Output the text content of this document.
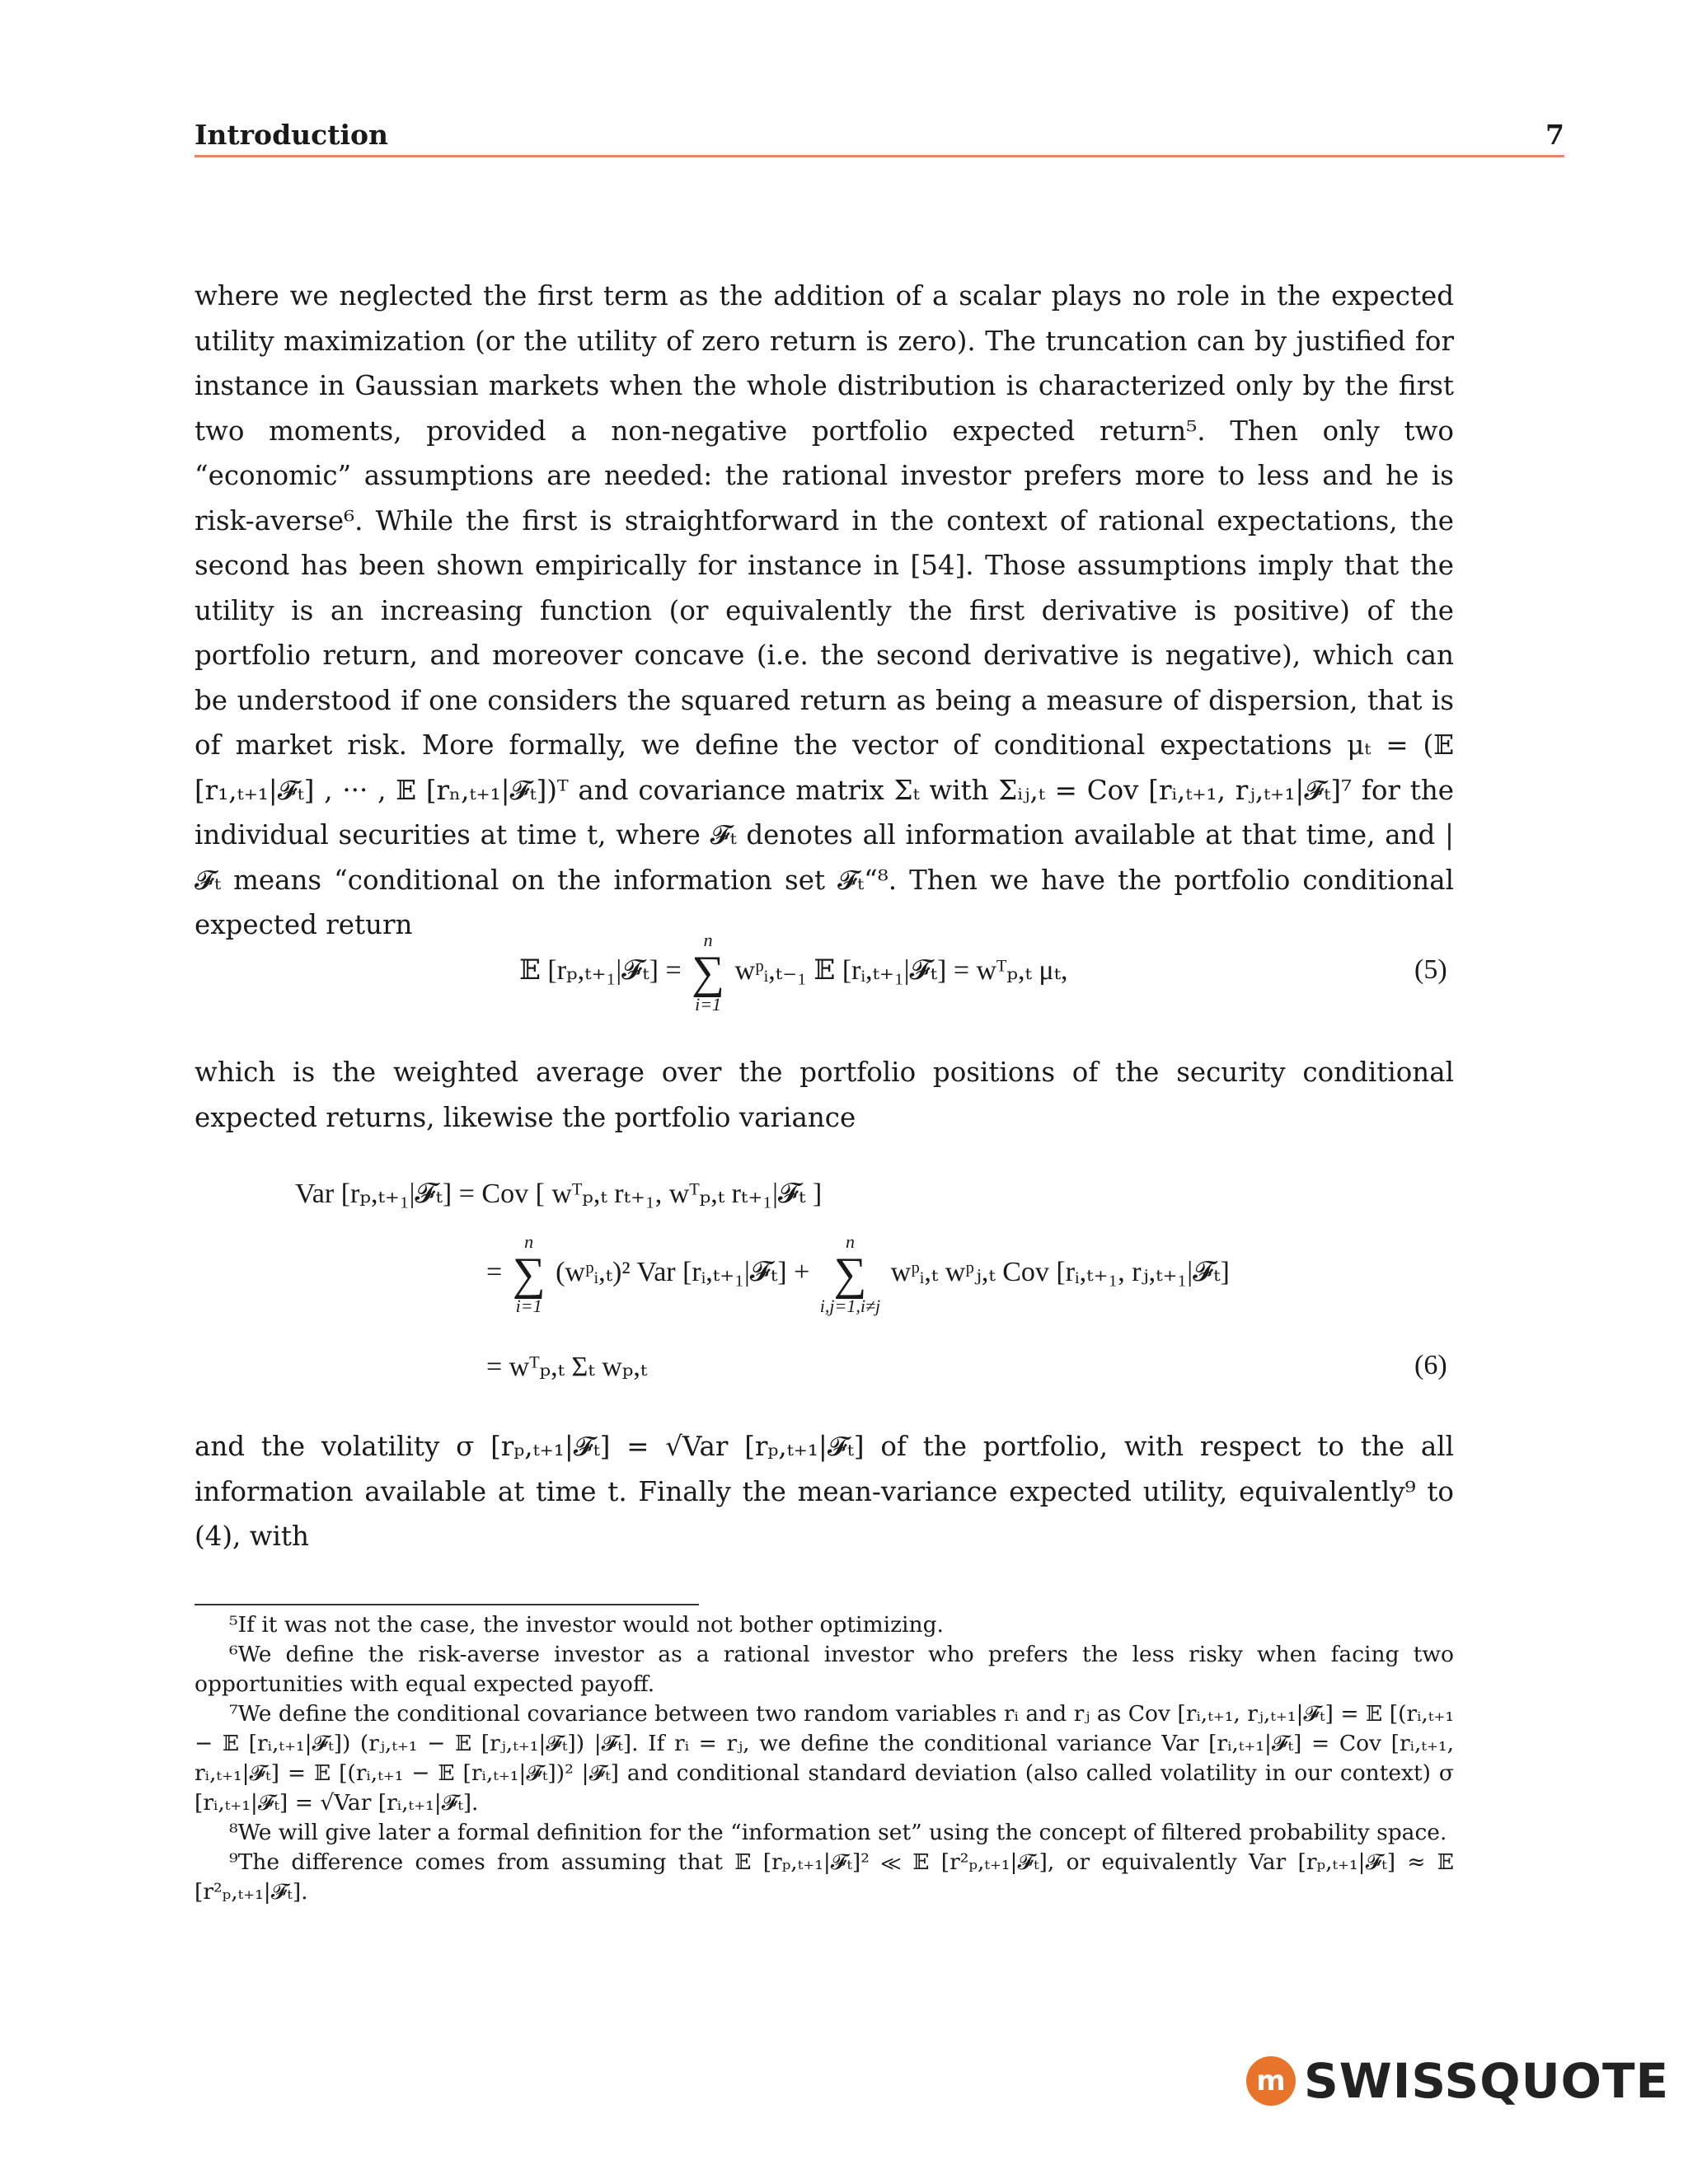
Introduction	7

where we neglected the first term as the addition of a scalar plays no role in the expected utility maximization (or the utility of zero return is zero). The truncation can by justified for instance in Gaussian markets when the whole distribution is characterized only by the first two moments, provided a non-negative portfolio expected return⁵. Then only two “economic” assumptions are needed: the rational investor prefers more to less and he is risk-averse⁶. While the first is straightforward in the context of rational expectations, the second has been shown empirically for instance in [54]. Those assumptions imply that the utility is an increasing function (or equivalently the first derivative is positive) of the portfolio return, and moreover concave (i.e. the second derivative is negative), which can be understood if one considers the squared return as being a measure of dispersion, that is of market risk. More formally, we define the vector of conditional expectations μₜ = (𝔼 [r₁,ₜ₊₁|𝓕ₜ] , ··· , 𝔼 [rₙ,ₜ₊₁|𝓕ₜ])ᵀ and covariance matrix Σₜ with Σᵢⱼ,ₜ = Cov [rᵢ,ₜ₊₁, rⱼ,ₜ₊₁|𝓕ₜ]⁷ for the individual securities at time t, where 𝓕ₜ denotes all information available at that time, and |𝓕ₜ means “conditional on the information set 𝓕ₜ“⁸. Then we have the portfolio conditional expected return

𝔼 [rₚ,ₜ₊₁|𝓕ₜ] =
n
∑
i=1
wᵖᵢ,ₜ₋₁ 𝔼 [rᵢ,ₜ₊₁|𝓕ₜ] = wᵀₚ,ₜ μₜ,	(5)

which is the weighted average over the portfolio positions of the security conditional expected returns, likewise the portfolio variance

Var [rₚ,ₜ₊₁|𝓕ₜ] = Cov [ wᵀₚ,ₜ rₜ₊₁, wᵀₚ,ₜ rₜ₊₁|𝓕ₜ ]
=
n
∑
i=1
(wᵖᵢ,ₜ)² Var [rᵢ,ₜ₊₁|𝓕ₜ] +
n
∑
i,j=1,i≠j
wᵖᵢ,ₜ wᵖⱼ,ₜ Cov [rᵢ,ₜ₊₁, rⱼ,ₜ₊₁|𝓕ₜ]
= wᵀₚ,ₜ Σₜ wₚ,ₜ	(6)

and the volatility σ [rₚ,ₜ₊₁|𝓕ₜ] = √Var [rₚ,ₜ₊₁|𝓕ₜ] of the portfolio, with respect to the all information available at time t. Finally the mean-variance expected utility, equivalently⁹ to (4), with

⁵If it was not the case, the investor would not bother optimizing.

⁶We define the risk-averse investor as a rational investor who prefers the less risky when facing two opportunities with equal expected payoff.

⁷We define the conditional covariance between two random variables rᵢ and rⱼ as Cov [rᵢ,ₜ₊₁, rⱼ,ₜ₊₁|𝓕ₜ] = 𝔼 [(rᵢ,ₜ₊₁ − 𝔼 [rᵢ,ₜ₊₁|𝓕ₜ]) (rⱼ,ₜ₊₁ − 𝔼 [rⱼ,ₜ₊₁|𝓕ₜ]) |𝓕ₜ]. If rᵢ = rⱼ, we define the conditional variance Var [rᵢ,ₜ₊₁|𝓕ₜ] = Cov [rᵢ,ₜ₊₁, rᵢ,ₜ₊₁|𝓕ₜ] = 𝔼 [(rᵢ,ₜ₊₁ − 𝔼 [rᵢ,ₜ₊₁|𝓕ₜ])² |𝓕ₜ] and conditional standard deviation (also called volatility in our context) σ [rᵢ,ₜ₊₁|𝓕ₜ] = √Var [rᵢ,ₜ₊₁|𝓕ₜ].

⁸We will give later a formal definition for the “information set” using the concept of filtered probability space.

⁹The difference comes from assuming that 𝔼 [rₚ,ₜ₊₁|𝓕ₜ]² ≪ 𝔼 [r²ₚ,ₜ₊₁|𝓕ₜ], or equivalently Var [rₚ,ₜ₊₁|𝓕ₜ] ≈ 𝔼 [r²ₚ,ₜ₊₁|𝓕ₜ].

m SWISSQUOTE
